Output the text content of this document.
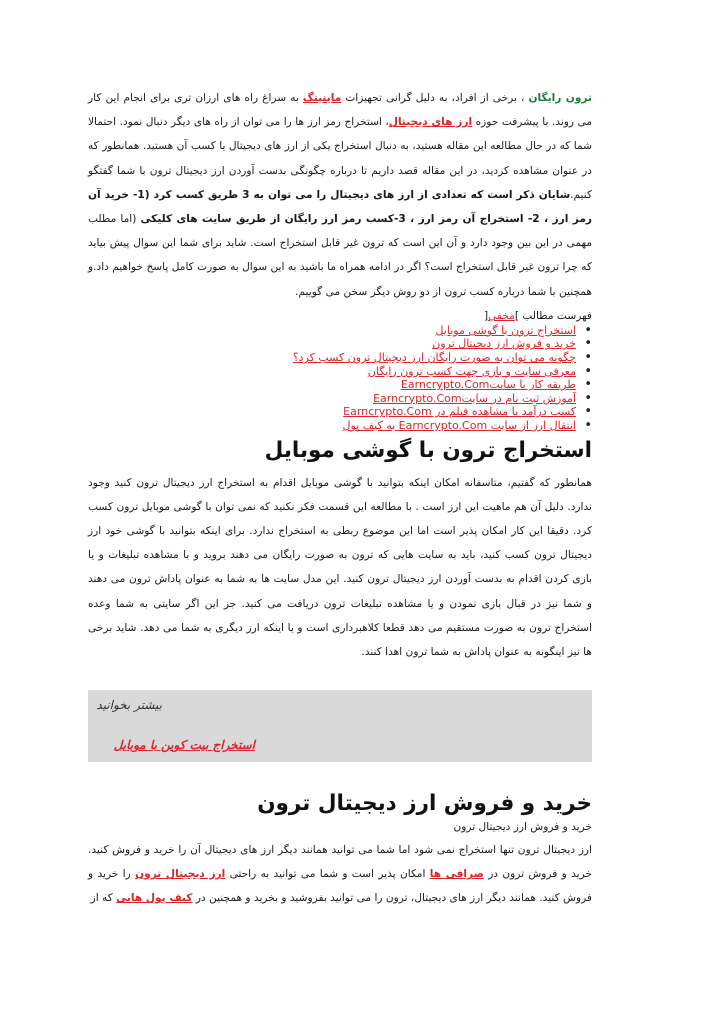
ترون رایگان ، برخی از افراد، به دلیل گرانی تجهیزات ماینینگ به سراغ راه های ارزان تری برای انجام این کار می روند. با پیشرفت حوزه ارز های دیجیتال، استخراج رمز ارز ها را می توان از راه های دیگر دنبال نمود. احتمالا شما که در حال مطالعه این مقاله هستید، به دنبال استخراج یکی از ارز های دیجیتال یا کسب آن هستید. همانطور که در عنوان مشاهده کردید، در این مقاله قصد داریم تا درباره چگونگی بدست آوردن ارز دیجیتال ترون با شما گفتگو کنیم.شایان ذکر است که تعدادی از ارز های دیجیتال را می توان به 3 طریق کسب کرد (1- خرید آن رمز ارز ، 2- استخراج آن رمز ارز ، 3-کسب رمز ارز رایگان از طریق سایت های کلیکی (اما مطلب مهمی در این بین وجود دارد و آن این است که ترون غیر قابل استخراج است. شاید برای شما این سوال پیش بیاید که چرا ترون غیر قابل استخراج است؟ اگر در ادامه همراه ما باشید به این سوال به صورت کامل پاسخ خواهیم داد.و همچنین با شما درباره کسب ترون از دو روش دیگر سخن می گوییم.

فهرست مطالب ]مخفی[
• استخراج ترون با گوشی موبایل
• خرید و فروش ارز دیجیتال ترون
• چگونه می توان به صورت رایگان ارز دیجیتال ترون کسب کرد؟
• معرفی سایت و بازی جهت کسب ترون رایگان
• طریقه کار با سایتEarncrypto.Com
• آموزش ثبت نام در سایتEarncrypto.Com
• کسب درآمد با مشاهده فیلم در Earncrypto.Com
• انتقال ارز از سایت Earncrypto.Com به کیف پول
استخراج ترون با گوشی موبایل

همانطور که گفتیم، متاسفانه امکان اینکه بتوانید با گوشی موبایل اقدام به استخراج ارز دیجیتال ترون کنید وجود ندارد. دلیل آن هم ماهیت این ارز است . با مطالعه این قسمت فکر نکنید که نمی توان با گوشی موبایل ترون کسب کرد. دقیقا این کار امکان پذیر است اما این موضوع ربطی به استخراج ندارد. برای اینکه بتوانید با گوشی خود ارز دیجیتال ترون کسب کنید، باید به سایت هایی که ترون به صورت رایگان می دهند بروید و با مشاهده تبلیغات و یا بازی کردن اقدام به بدست آوردن ارز دیجیتال ترون کنید. این مدل سایت ها به شما به عنوان پاداش ترون می دهند و شما نیز در قبال بازی نمودن و یا مشاهده تبلیغات ترون دریافت می کنید. جز این اگر سایتی به شما وعده استخراج ترون به صورت مستقیم می دهد قطعا کلاهبرداری است و یا اینکه ارز دیگری به شما می دهد. شاید برخی ها نیز اینگونه به عنوان پاداش به شما ترون اهدا کنند.

بیشتر بخوانید
استخراج بیت کوین با موبایل
خرید و فروش ارز دیجیتال ترون
خرید و فروش ارز دیجیتال ترون

ارز دیجیتال ترون تنها استخراج نمی شود اما شما می توانید همانند دیگر ارز های دیجیتال آن را خرید و فروش کنید. خرید و فروش ترون در صرافی ها امکان پذیر است و شما می توانید به راحتی ارز دیجیتال ترون را خرید و فروش کنید. همانند دیگر ارز های دیجیتال، ترون را می توانید بفروشید و بخرید و همچنین در کیف پول هایی که از
